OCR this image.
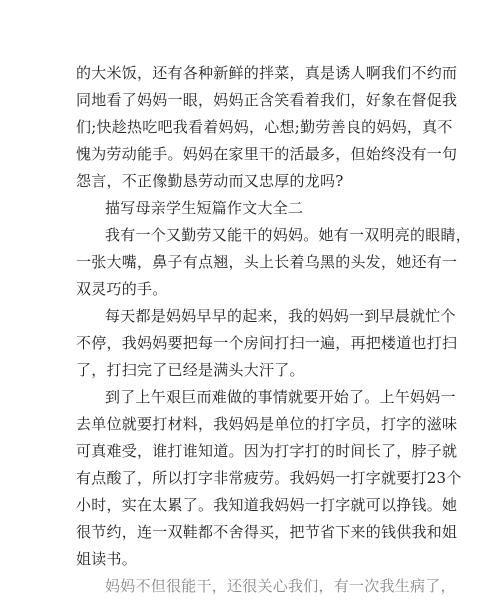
的大米饭，还有各种新鲜的拌菜，真是诱人啊我们不约而
同地看了妈妈一眼，妈妈正含笑看着我们，好象在督促我
们;快趁热吃吧我看着妈妈，心想;勤劳善良的妈妈，真不
愧为劳动能手。妈妈在家里干的活最多，但始终没有一句
怨言，不正像勤恳劳动而又忠厚的龙吗?
描写母亲学生短篇作文大全二
我有一个又勤劳又能干的妈妈。她有一双明亮的眼睛，
一张大嘴，鼻子有点翘，头上长着乌黑的头发，她还有一
双灵巧的手。
每天都是妈妈早早的起来，我的妈妈一到早晨就忙个
不停，我妈妈要把每一个房间打扫一遍，再把楼道也打扫
了，打扫完了已经是满头大汗了。
到了上午艰巨而难做的事情就要开始了。上午妈妈一
去单位就要打材料，我妈妈是单位的打字员，打字的滋味
可真难受，谁打谁知道。因为打字打的时间长了，脖子就
有点酸了，所以打字非常疲劳。我妈妈一打字就要打23个
小时，实在太累了。我知道我妈妈一打字就可以挣钱。她
很节约，连一双鞋都不舍得买，把节省下来的钱供我和姐
姐读书。
妈妈不但很能干，还很关心我们，有一次我生病了，
